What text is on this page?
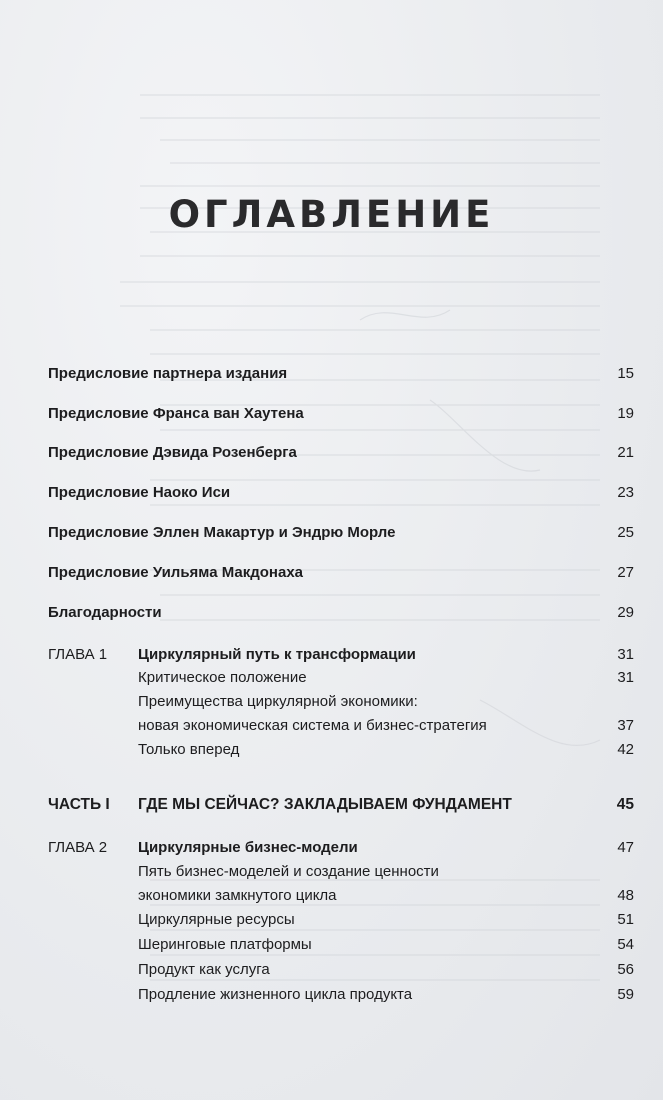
ОГЛАВЛЕНИЕ
Предисловие партнера издания	15
Предисловие Франса ван Хаутена	19
Предисловие Дэвида Розенберга	21
Предисловие Наоко Иси	23
Предисловие Эллен Макартур и Эндрю Морле	25
Предисловие Уильяма Макдонаха	27
Благодарности	29
ГЛАВА 1 Циркулярный путь к трансформации	31
Критическое положение	31
Преимущества циркулярной экономики:
новая экономическая система и бизнес-стратегия	37
Только вперед	42
ЧАСТЬ I ГДЕ МЫ СЕЙЧАС? ЗАКЛАДЫВАЕМ ФУНДАМЕНТ	45
ГЛАВА 2 Циркулярные бизнес-модели	47
Пять бизнес-моделей и создание ценности
экономики замкнутого цикла	48
Циркулярные ресурсы	51
Шеринговые платформы	54
Продукт как услуга	56
Продление жизненного цикла продукта	59
